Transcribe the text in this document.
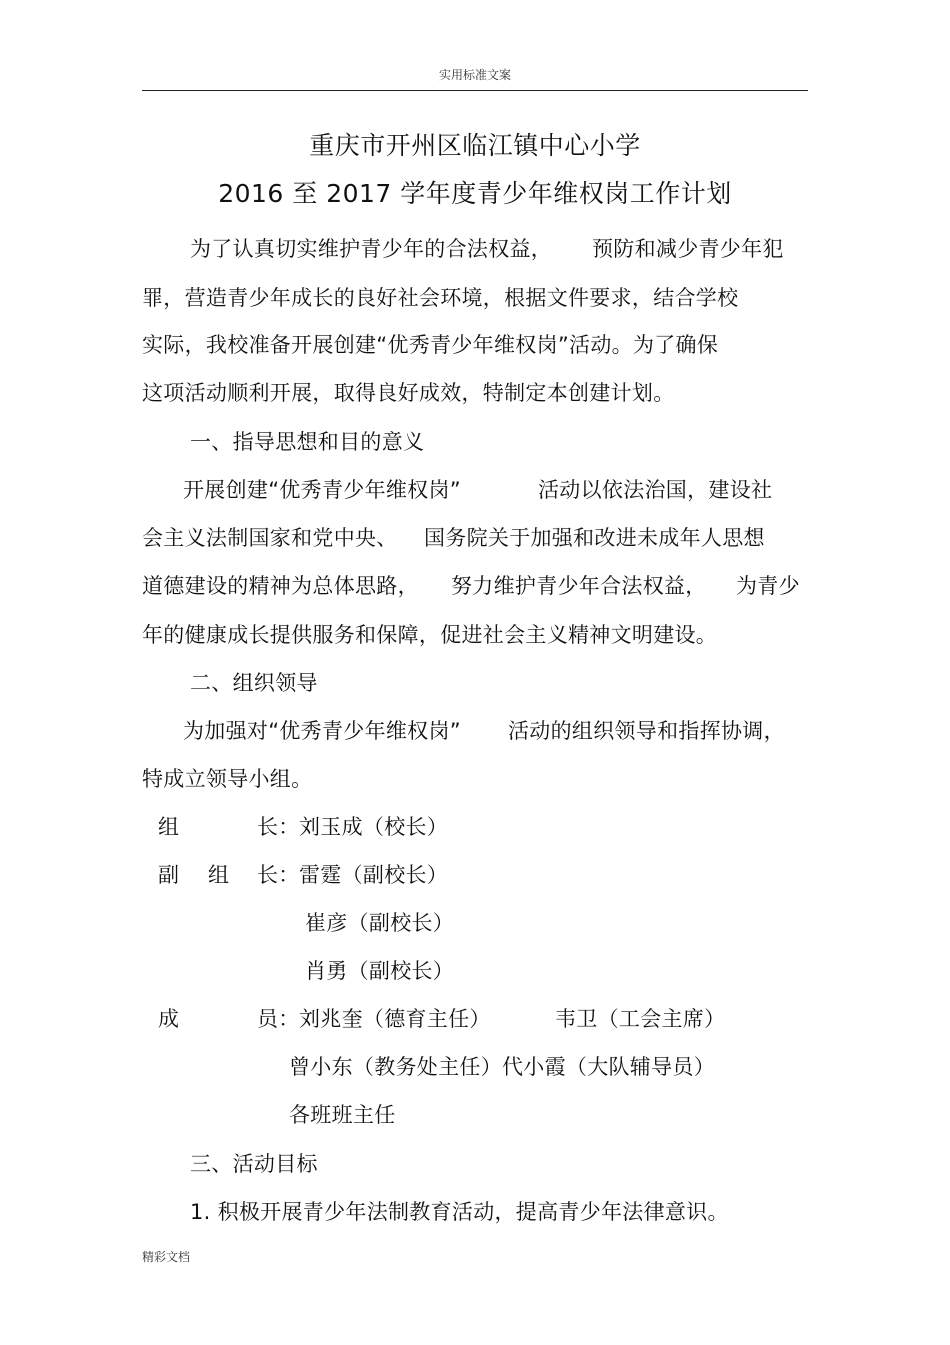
实用标准文案
重庆市开州区临江镇中心小学
2016 至 2017 学年度青少年维权岗工作计划
为了认真切实维护青少年的合法权益， 预防和减少青少年犯
罪，营造青少年成长的良好社会环境，根据文件要求，结合学校
实际，我校准备开展创建“优秀青少年维权岗”活动。为了确保
这项活动顺利开展，取得良好成效，特制定本创建计划。
一、指导思想和目的意义
开展创建“优秀青少年维权岗”	活动以依法治国，建设社
会主义法制国家和党中央、 国务院关于加强和改进未成年人思想
道德建设的精神为总体思路， 努力维护青少年合法权益， 为青少
年的健康成长提供服务和保障，促进社会主义精神文明建设。
二、组织领导
为加强对“优秀青少年维权岗” 活动的组织领导和指挥协调，
特成立领导小组。
组	长： 刘玉成（校长）
副 组 长： 雷霆（副校长）
崔彦（副校长）
肖勇（副校长）
成	员： 刘兆奎（德育主任）	韦卫（工会主席）
曾小东（教务处主任）代小霞（大队辅导员）
各班班主任
三、活动目标
1. 积极开展青少年法制教育活动，提高青少年法律意识。
精彩文档
